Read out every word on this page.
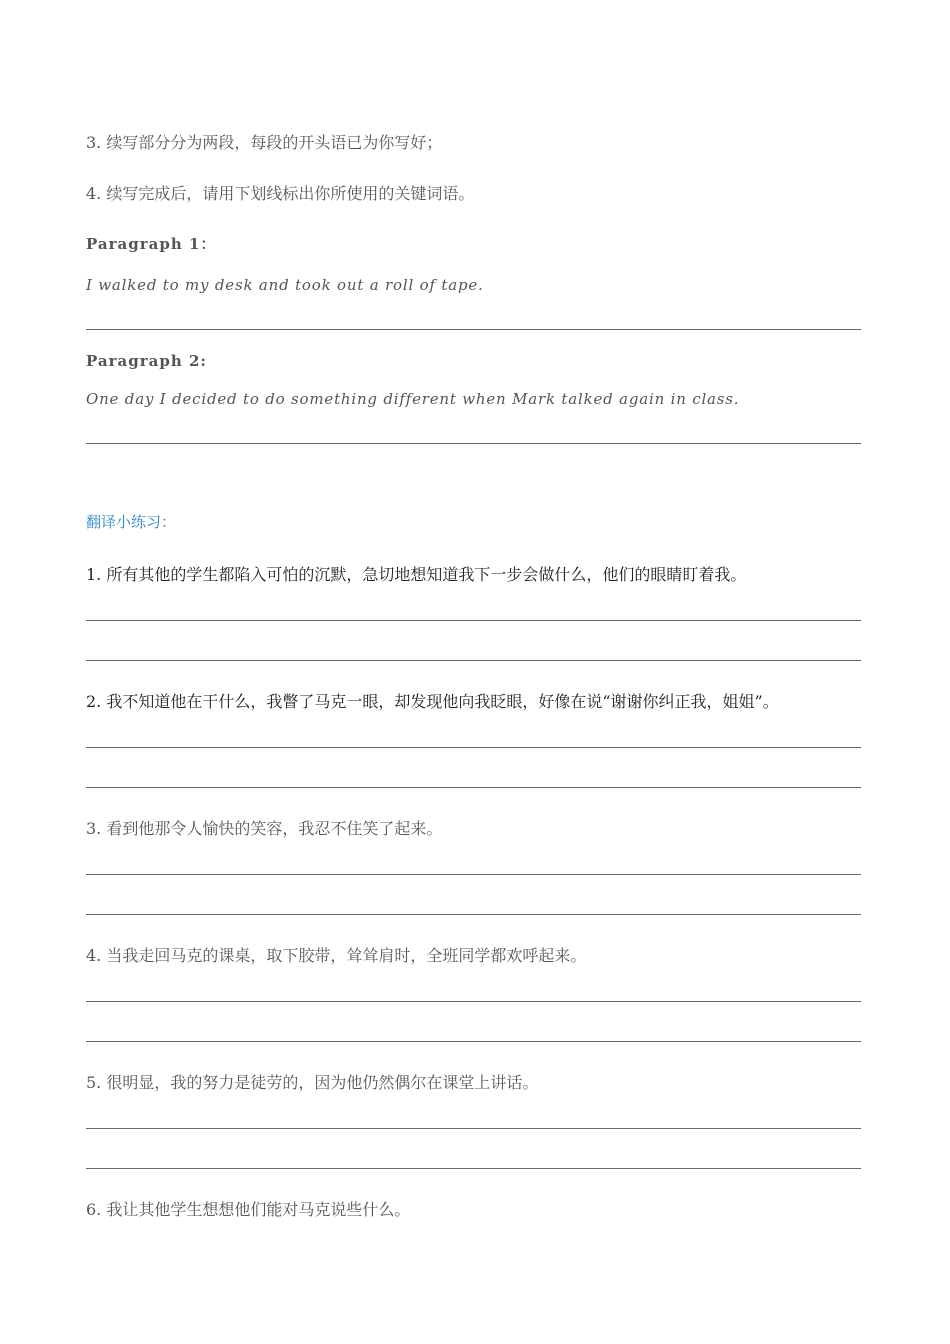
3. 续写部分分为两段，每段的开头语已为你写好；
4. 续写完成后，请用下划线标出你所使用的关键词语。
Paragraph 1：
I walked to my desk and took out a roll of tape.
Paragraph 2:
One day I decided to do something different when Mark talked again in class.
翻译小练习：
1. 所有其他的学生都陷入可怕的沉默，急切地想知道我下一步会做什么，他们的眼睛盯着我。
2. 我不知道他在干什么，我瞥了马克一眼，却发现他向我眨眼，好像在说“谢谢你纠正我，姐姐”。
3. 看到他那令人愉快的笑容，我忍不住笑了起来。
4. 当我走回马克的课桌，取下胶带，耸耸肩时，全班同学都欢呼起来。
5. 很明显，我的努力是徒劳的，因为他仍然偶尔在课堂上讲话。
6. 我让其他学生想想他们能对马克说些什么。
